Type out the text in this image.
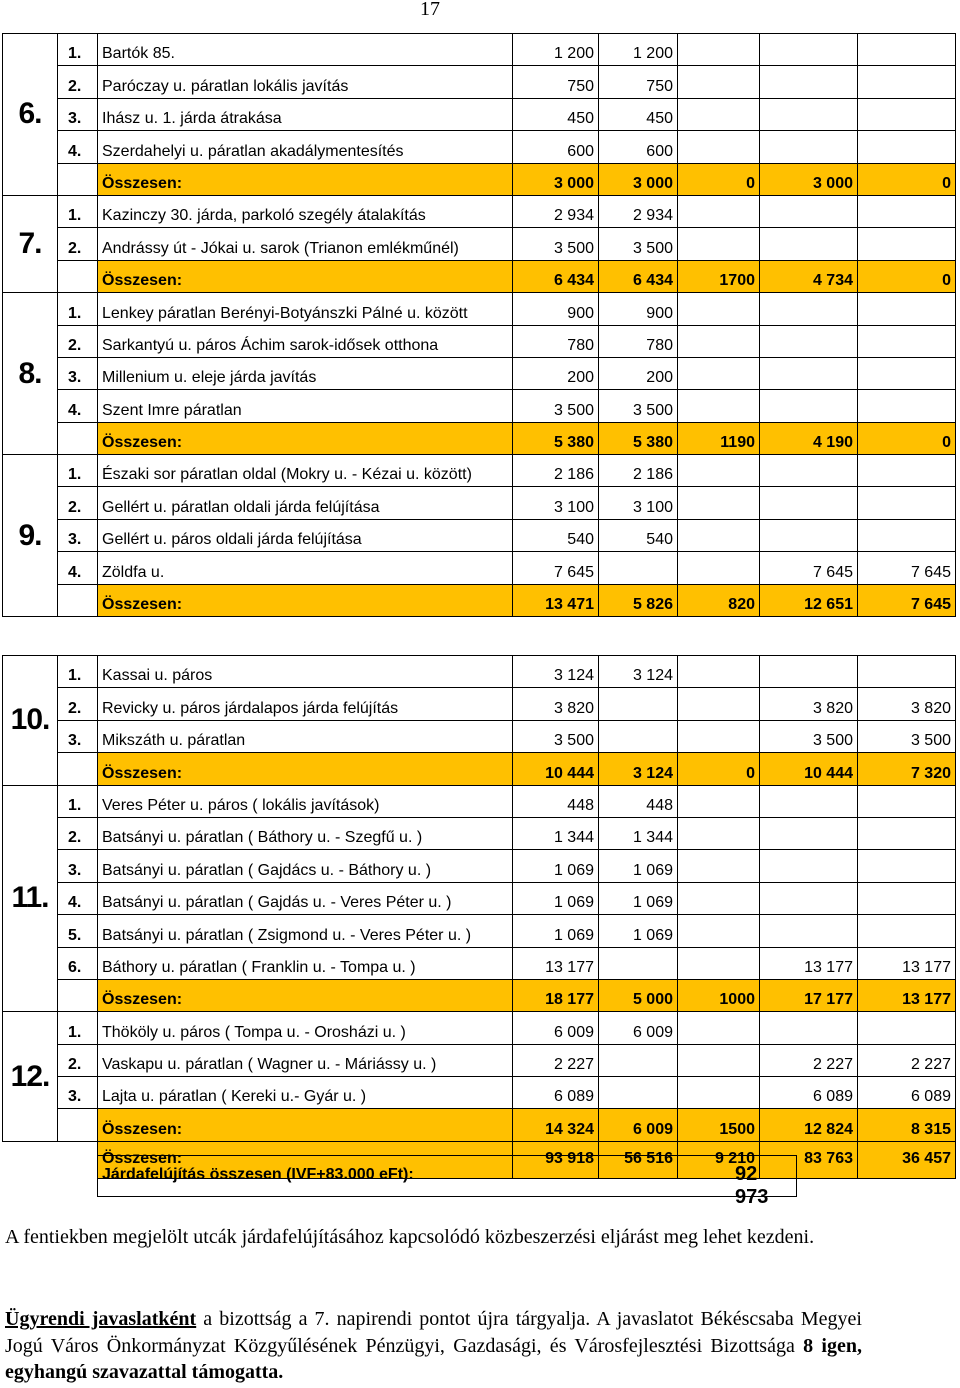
17
6.	1.	Bartók 85.	1 200	1 200			
	2.	Paróczay u. páratlan lokális javítás	750	750			
	3.	Ihász u. 1. járda átrakása	450	450			
	4.	Szerdahelyi u. páratlan akadálymentesítés	600	600			
		Összesen:	3 000	3 000	0	3 000	0
7.	1.	Kazinczy 30. járda, parkoló szegély átalakítás	2 934	2 934			
	2.	Andrássy út - Jókai u. sarok (Trianon emlékműnél)	3 500	3 500			
		Összesen:	6 434	6 434	1700	4 734	0
8.	1.	Lenkey páratlan Berényi-Botyánszki Pálné u. között	900	900			
	2.	Sarkantyú u. páros Áchim sarok-idősek otthona	780	780			
	3.	Millenium u. eleje járda javítás	200	200			
	4.	Szent Imre páratlan	3 500	3 500			
		Összesen:	5 380	5 380	1190	4 190	0
9.	1.	Északi sor páratlan oldal (Mokry u. - Kézai u. között)	2 186	2 186			
	2.	Gellért u. páratlan oldali járda felújítása	3 100	3 100			
	3.	Gellért u. páros oldali járda felújítása	540	540			
	4.	Zöldfa u.	7 645			7 645	7 645
		Összesen:	13 471	5 826	820	12 651	7 645
10.	1.	Kassai u. páros	3 124	3 124			
	2.	Revicky u. páros járdalapos járda felújítás	3 820			3 820	3 820
	3.	Mikszáth u. páratlan	3 500			3 500	3 500
		Összesen:	10 444	3 124	0	10 444	7 320
11.	1.	Veres Péter u. páros ( lokális javítások)	448	448			
	2.	Batsányi u. páratlan ( Báthory u. - Szegfű u. )	1 344	1 344			
	3.	Batsányi u. páratlan ( Gajdács u. - Báthory u. )	1 069	1 069			
	4.	Batsányi u. páratlan ( Gajdás u. - Veres Péter u. )	1 069	1 069			
	5.	Batsányi u. páratlan ( Zsigmond u. - Veres Péter u. )	1 069	1 069			
	6.	Báthory u. páratlan ( Franklin u. - Tompa u. )	13 177			13 177	13 177
		Összesen:	18 177	5 000	1000	17 177	13 177
12.	1.	Thököly u. páros ( Tompa u. - Orosházi u. )	6 009	6 009			
	2.	Vaskapu u. páratlan ( Wagner u. - Máriássy u. )	2 227			2 227	2 227
	3.	Lajta u. páratlan ( Kereki u.- Gyár u. )	6 089			6 089	6 089
		Összesen:	14 324	6 009	1500	12 824	8 315
		Összesen:	93 918	56 516	9 210	83 763	36 457
Járdafelújítás összesen (IVF+83.000 eFt):	92 973
A fentiekben megjelölt utcák járdafelújításához kapcsolódó közbeszerzési eljárást meg lehet kezdeni.
Ügyrendi javaslatként a bizottság a 7. napirendi pontot újra tárgyalja. A javaslatot Békéscsaba Megyei Jogú Város Önkormányzat Közgyűlésének Pénzügyi, Gazdasági, és Városfejlesztési Bizottsága 8 igen, egyhangú szavazattal támogatta.
